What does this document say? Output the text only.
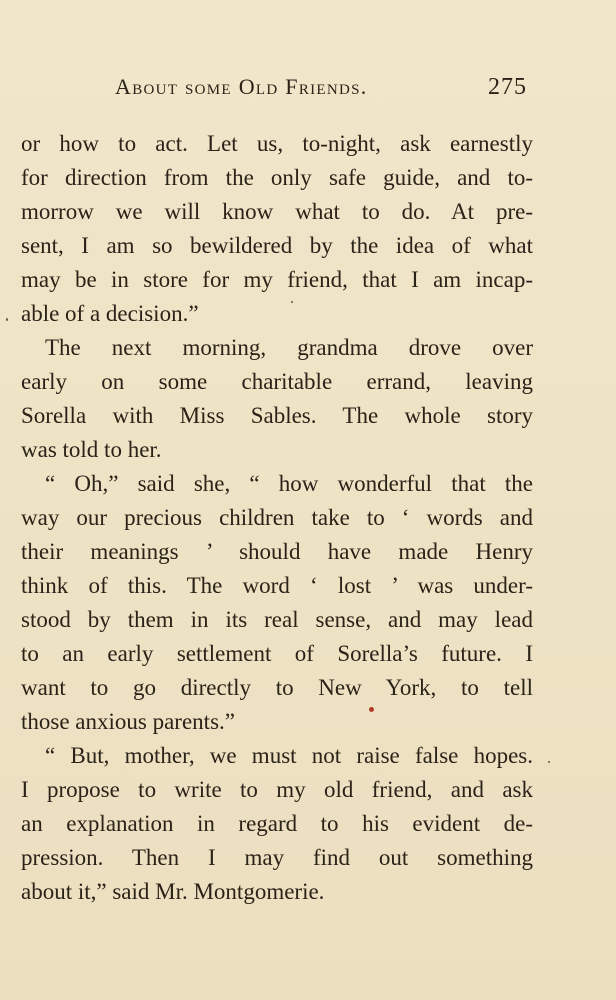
About some Old Friends.	275
or how to act. Let us, to-night, ask earnestly
for direction from the only safe guide, and to-
morrow we will know what to do. At pre-
sent, I am so bewildered by the idea of what
may be in store for my friend, that I am incap-
able of a decision.”
The next morning, grandma drove over
early on some charitable errand, leaving
Sorella with Miss Sables. The whole story
was told to her.
“ Oh,” said she, “ how wonderful that the
way our precious children take to ‘ words and
their meanings ’ should have made Henry
think of this. The word ‘ lost ’ was under-
stood by them in its real sense, and may lead
to an early settlement of Sorella’s future. I
want to go directly to New York, to tell
those anxious parents.”
“ But, mother, we must not raise false hopes.
I propose to write to my old friend, and ask
an explanation in regard to his evident de-
pression. Then I may find out something
about it,” said Mr. Montgomerie.
